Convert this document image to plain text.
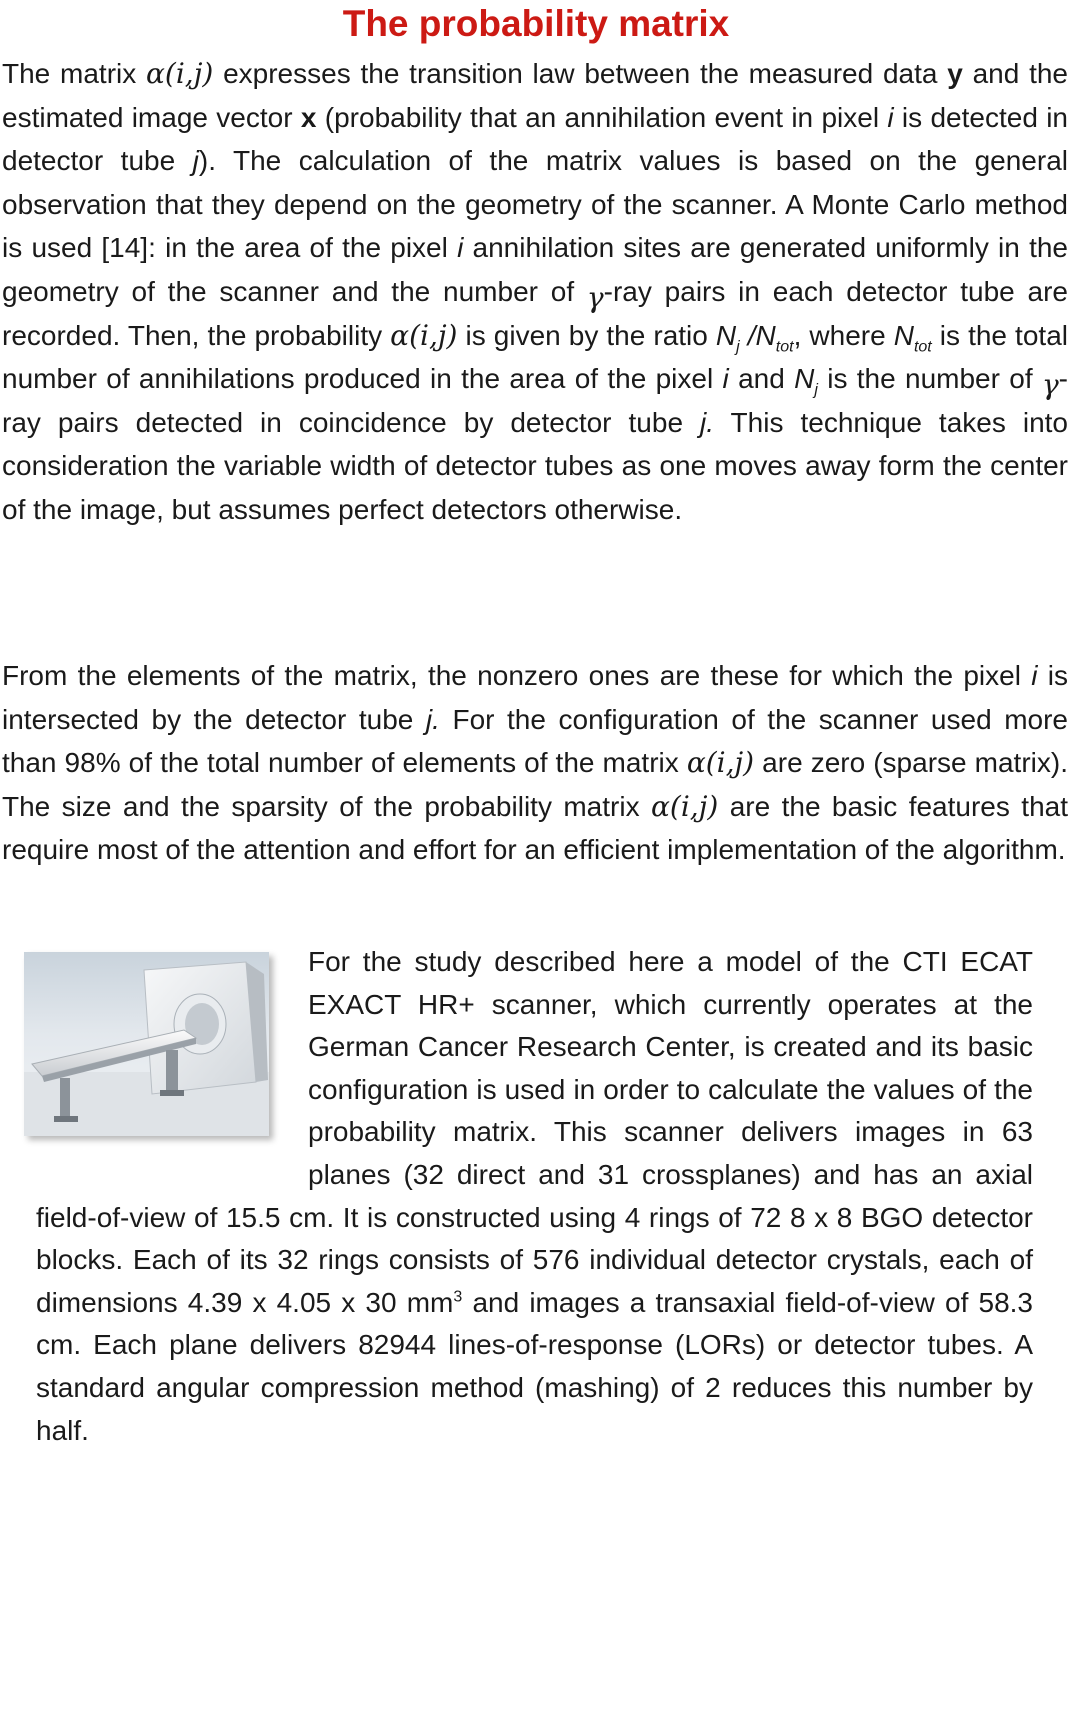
The probability matrix

The matrix α(i,j) expresses the transition law between the measured data y and the estimated image vector x (probability that an annihilation event in pixel i is detected in detector tube j). The calculation of the matrix values is based on the general observation that they depend on the geometry of the scanner. A Monte Carlo method is used [14]: in the area of the pixel i annihilation sites are generated uniformly in the geometry of the scanner and the number of γ-ray pairs in each detector tube are recorded. Then, the probability α(i,j) is given by the ratio $N_j$ $/N_{tot}$, where $N_{tot}$ is the total number of annihilations produced in the area of the pixel i and $N_j$ is the number of γ-ray pairs detected in coincidence by detector tube j. This technique takes into consideration the variable width of detector tubes as one moves away form the center of the image, but assumes perfect detectors otherwise.

From the elements of the matrix, the nonzero ones are these for which the pixel i is intersected by the detector tube j. For the configuration of the scanner used more than 98% of the total number of elements of the matrix α(i,j) are zero (sparse matrix). The size and the sparsity of the probability matrix α(i,j) are the basic features that require most of the attention and effort for an efficient implementation of the algorithm.

For the study described here a model of the CTI ECAT EXACT HR+ scanner, which currently operates at the German Cancer Research Center, is created and its basic configuration is used in order to calculate the values of the probability matrix. This scanner delivers images in 63 planes (32 direct and 31 crossplanes) and has an axial field-of-view of 15.5 cm. It is constructed using 4 rings of 72 8 x 8 BGO detector blocks. Each of its 32 rings consists of 576 individual detector crystals, each of dimensions 4.39 x 4.05 x 30 $mm^3$ and images a transaxial field-of-view of 58.3 cm. Each plane delivers 82944 lines-of-response (LORs) or detector tubes. A standard angular compression method (mashing) of 2 reduces this number by half.
